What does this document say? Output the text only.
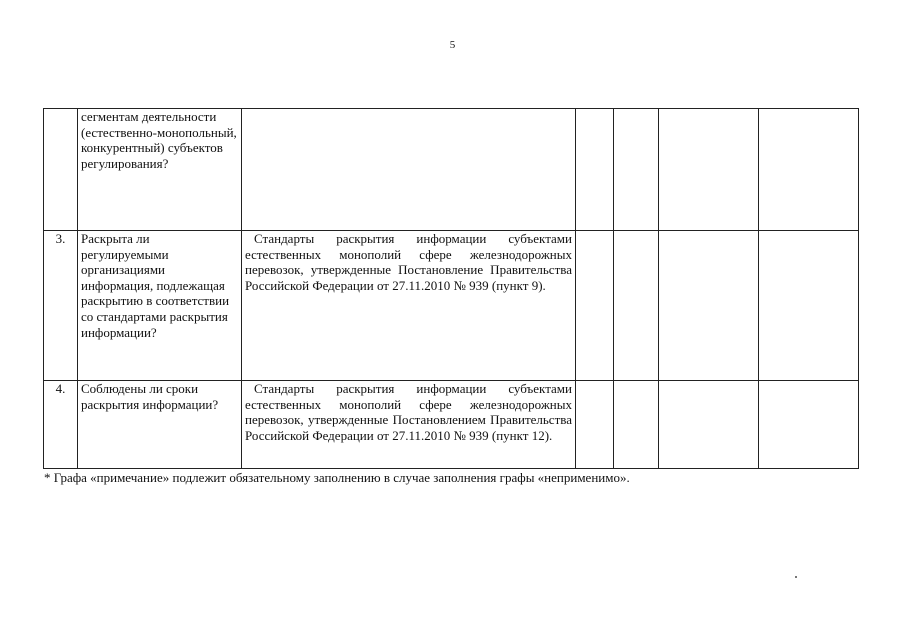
5
	сегментам деятельности (естественно-монопольный, конкурентный) субъектов регулирования?					
3.	Раскрыта ли регулируемыми организациями информация, подлежащая раскрытию в соответствии со стандартами раскрытия информации?	Стандарты раскрытия информации субъектами естественных монополий сфере железнодорожных перевозок, утвержденные Постановление Правительства Российской Федерации от 27.11.2010 № 939 (пункт 9).				
4.	Соблюдены ли сроки раскрытия информации?	Стандарты раскрытия информации субъектами естественных монополий сфере железнодорожных перевозок, утвержденные Постановлением Правительства Российской Федерации от 27.11.2010 № 939 (пункт 12).				
* Графа «примечание» подлежит обязательному заполнению в случае заполнения графы «неприменимо».
